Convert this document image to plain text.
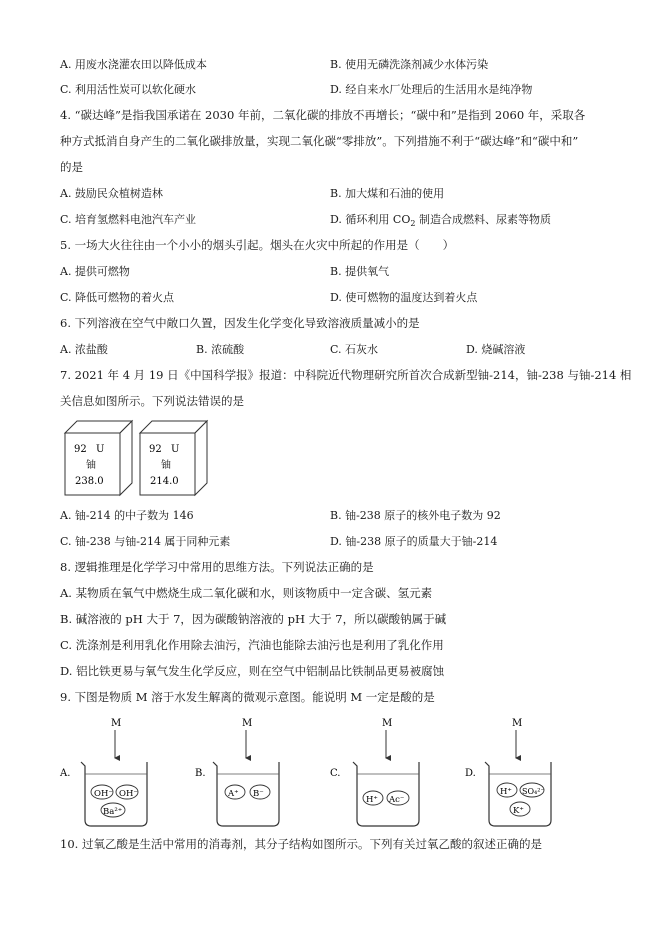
A. 用废水浇灌农田以降低成本	B. 使用无磷洗涤剂减少水体污染
C. 利用活性炭可以软化硬水	D. 经自来水厂处理后的生活用水是纯净物
4. “碳达峰”是指我国承诺在 2030 年前，二氧化碳的排放不再增长；“碳中和”是指到 2060 年，采取各
种方式抵消自身产生的二氧化碳排放量，实现二氧化碳“零排放”。下列措施不利于“碳达峰”和“碳中和”
的是
A. 鼓励民众植树造林	B. 加大煤和石油的使用
C. 培育氢燃料电池汽车产业	D. 循环利用 $CO_2$ 制造合成燃料、尿素等物质
5. 一场大火往往由一个小小的烟头引起。烟头在火灾中所起的作用是（　　）
A. 提供可燃物	B. 提供氧气
C. 降低可燃物的着火点	D. 使可燃物的温度达到着火点
6. 下列溶液在空气中敞口久置，因发生化学变化导致溶液质量减小的是
A. 浓盐酸	B. 浓硫酸	C. 石灰水	D. 烧碱溶液
7. 2021 年 4 月 19 日《中国科学报》报道：中科院近代物理研究所首次合成新型铀-214，铀-238 与铀-214 相
关信息如图所示。下列说法错误的是
92 U
铀
238.0
92 U
铀
214.0
A. 铀-214 的中子数为 146	B. 铀-238 原子的核外电子数为 92
C. 铀-238 与铀-214 属于同种元素	D. 铀-238 原子的质量大于铀-214
8. 逻辑推理是化学学习中常用的思维方法。下列说法正确的是
A. 某物质在氧气中燃烧生成二氧化碳和水，则该物质中一定含碳、氢元素
B. 碱溶液的 pH 大于 7，因为碳酸钠溶液的 pH 大于 7，所以碳酸钠属于碱
C. 洗涤剂是利用乳化作用除去油污，汽油也能除去油污也是利用了乳化作用
D. 铝比铁更易与氧气发生化学反应，则在空气中铝制品比铁制品更易被腐蚀
9. 下图是物质 M 溶于水发生解离的微观示意图。能说明 M 一定是酸的是
A.
M
OH⁻ OH⁻
Ba²⁺
B.
M
A⁺ B⁻
C.
M
H⁺ Ac⁻
D.
M
H⁺ SO₄²⁻
K⁺
10. 过氧乙酸是生活中常用的消毒剂，其分子结构如图所示。下列有关过氧乙酸的叙述正确的是
